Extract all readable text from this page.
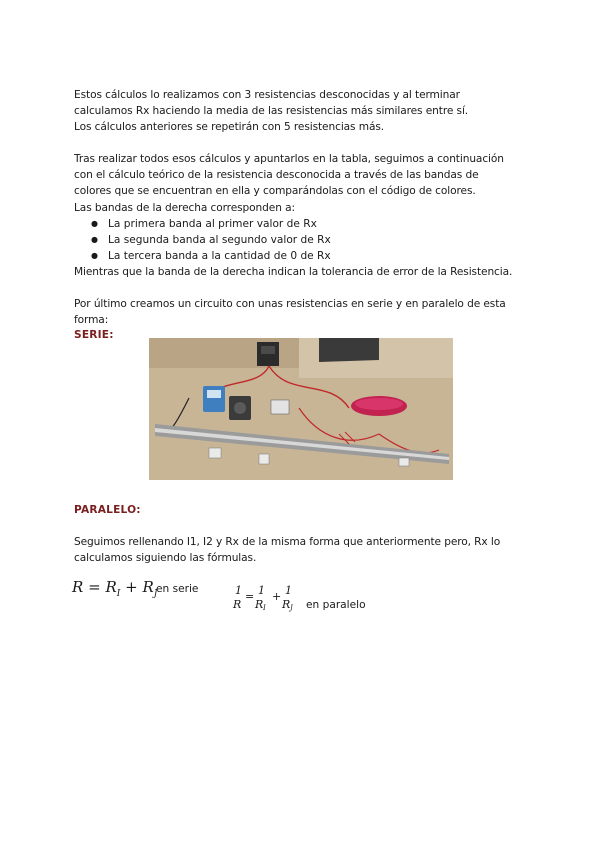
Estos cálculos lo realizamos con 3 resistencias desconocidas y al terminar
calculamos Rx haciendo la media de las resistencias más similares entre sí.
Los cálculos anteriores se repetirán con 5 resistencias más.

Tras realizar todos esos cálculos y apuntarlos en la tabla, seguimos a continuación
con el cálculo teórico de la resistencia desconocida a través de las bandas de
colores que se encuentran en ella y comparándolas con el código de colores.
Las bandas de la derecha corresponden a:

● La primera banda al primer valor de Rx
● La segunda banda al segundo valor de Rx
● La tercera banda a la cantidad de 0 de Rx

Mientras que la banda de la derecha indican la tolerancia de error de la Resistencia.

Por último creamos un circuito con unas resistencias en serie y en paralelo de esta
forma:

SERIE:

PARALELO:

Seguimos rellenando I1, I2 y Rx de la misma forma que anteriormente pero, Rx lo
calculamos siguiendo las fórmulas.

$R = R_I + R_J$
en serie	1
R
= 1
R I
+ 1
R J en paralelo
